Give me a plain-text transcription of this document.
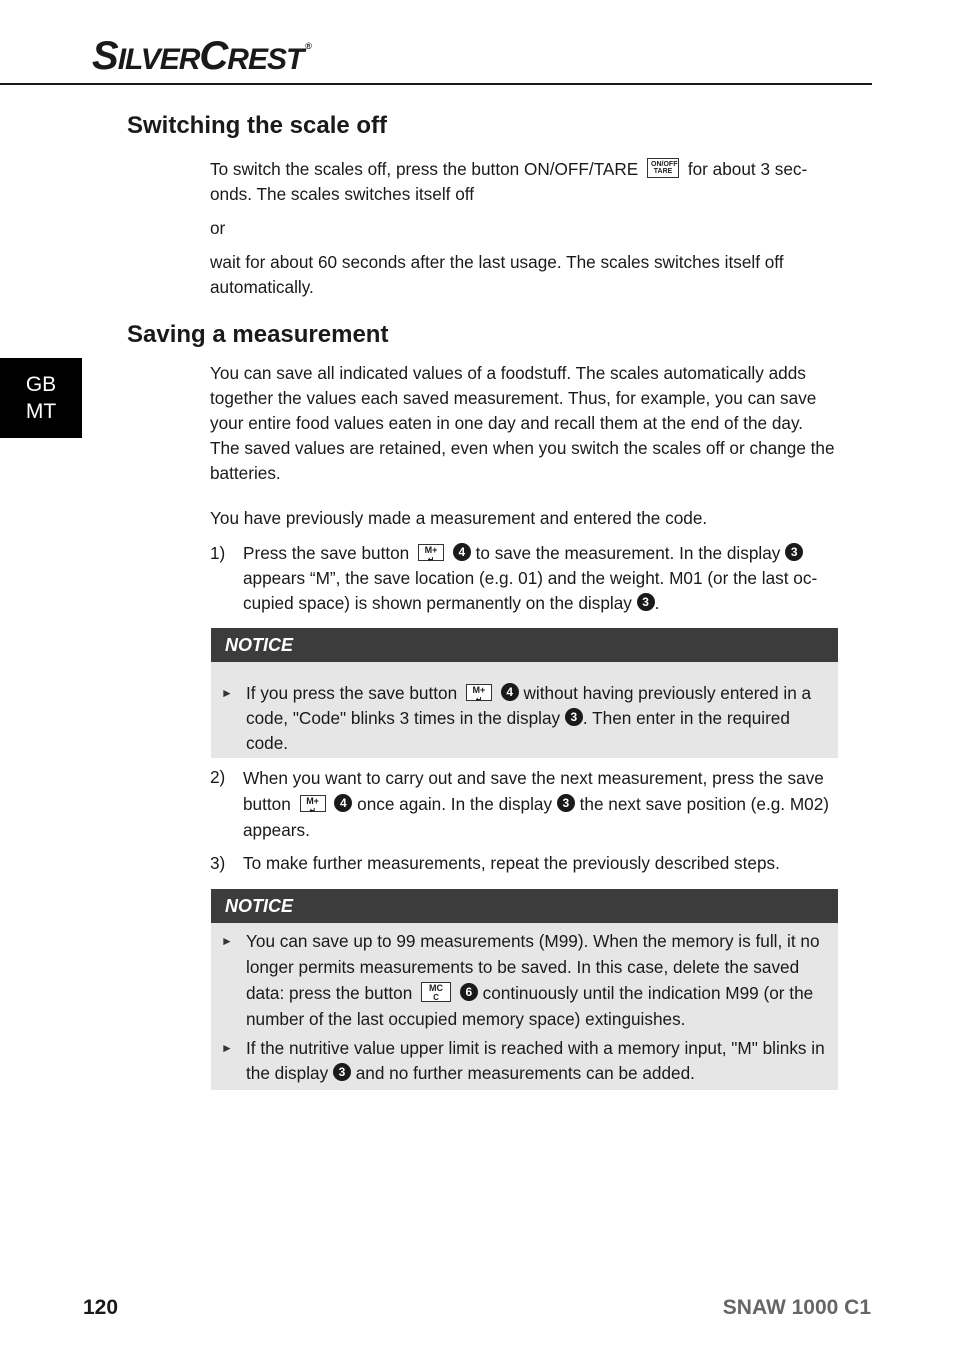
SILVERCREST ®
GB
MT
Switching the scale off

To switch the scales off, press the button ON/OFF/TARE ON/OFF
TARE for about 3 sec-
onds. The scales switches itself off

or

wait for about 60 seconds after the last usage. The scales switches itself off automatically.

Saving a measurement

You can save all indicated values of a foodstuff. The scales automatically adds together the values each saved measurement. Thus, for example, you can save your entire food values eaten in one day and recall them at the end of the day. The saved values are retained, even when you switch the scales off or change the batteries.

You have previously made a measurement and entered the code.

1) Press the save button M+
↵	4 to save the measurement. In the display 3 appears “M”, the save location (e.g. 01) and the weight. M01 (or the last oc-cupied space) is shown permanently on the display 3 .
NOTICE
► If you press the save button M+
↵	4 without having previously entered in a code, "Code" blinks 3 times in the display 3 . Then enter in the required code.
2) When you want to carry out and save the next measurement, press the save button M+
↵	4 once again. In the display 3 the next save position (e.g. M02) appears.
3) To make further measurements, repeat the previously described steps.
NOTICE
► You can save up to 99 measurements (M99). When the memory is full, it no longer permits measurements to be saved. In this case, delete the saved data: press the button	MC
C	6 continuously until the indication M99 (or the number of the last occupied memory space) extinguishes.
► If the nutritive value upper limit is reached with a memory input, "M" blinks in the display 3 and no further measurements can be added.
120	SNAW 1000 C1
